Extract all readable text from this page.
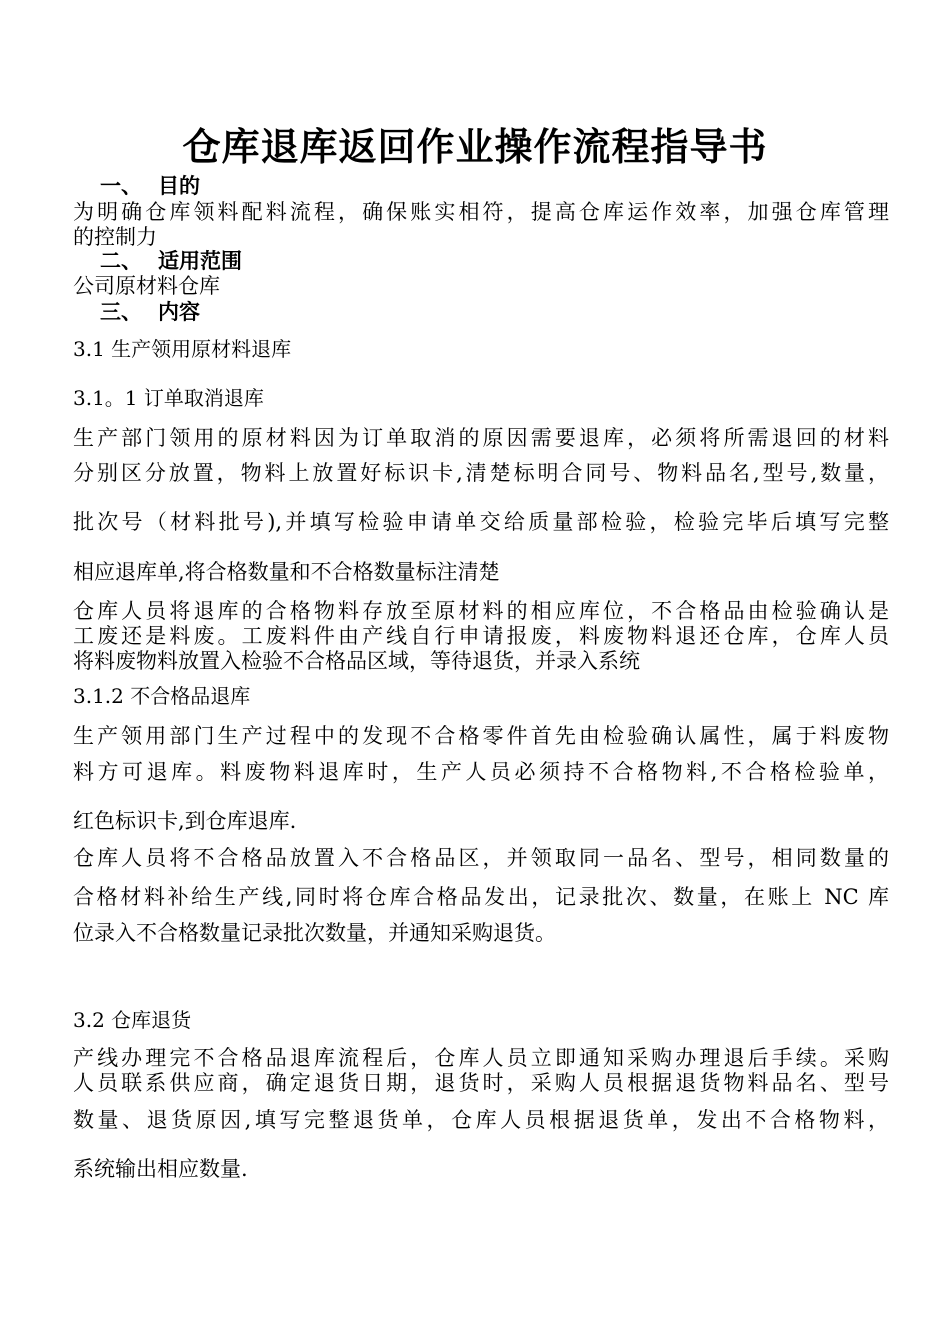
仓库退库返回作业操作流程指导书

一、 目的

为明确仓库领料配料流程，确保账实相符，提高仓库运作效率，加强仓库管理

的控制力

二、 适用范围

公司原材料仓库

三、 内容

3.1 生产领用原材料退库

3.1。1 订单取消退库

生产部门领用的原材料因为订单取消的原因需要退库，必须将所需退回的材料

分别区分放置，物料上放置好标识卡,清楚标明合同号、物料品名,型号,数量，

批次号（材料批号),并填写检验申请单交给质量部检验，检验完毕后填写完整

相应退库单,将合格数量和不合格数量标注清楚

仓库人员将退库的合格物料存放至原材料的相应库位，不合格品由检验确认是

工废还是料废。工废料件由产线自行申请报废，料废物料退还仓库，仓库人员

将料废物料放置入检验不合格品区域，等待退货，并录入系统

3.1.2 不合格品退库

生产领用部门生产过程中的发现不合格零件首先由检验确认属性，属于料废物

料方可退库。料废物料退库时，生产人员必须持不合格物料,不合格检验单，

红色标识卡,到仓库退库.

仓库人员将不合格品放置入不合格品区，并领取同一品名、型号，相同数量的

合格材料补给生产线,同时将仓库合格品发出，记录批次、数量，在账上 NC 库

位录入不合格数量记录批次数量，并通知采购退货。

3.2 仓库退货

产线办理完不合格品退库流程后，仓库人员立即通知采购办理退后手续。采购

人员联系供应商，确定退货日期，退货时，采购人员根据退货物料品名、型号

数量、退货原因,填写完整退货单，仓库人员根据退货单，发出不合格物料，

系统输出相应数量.
